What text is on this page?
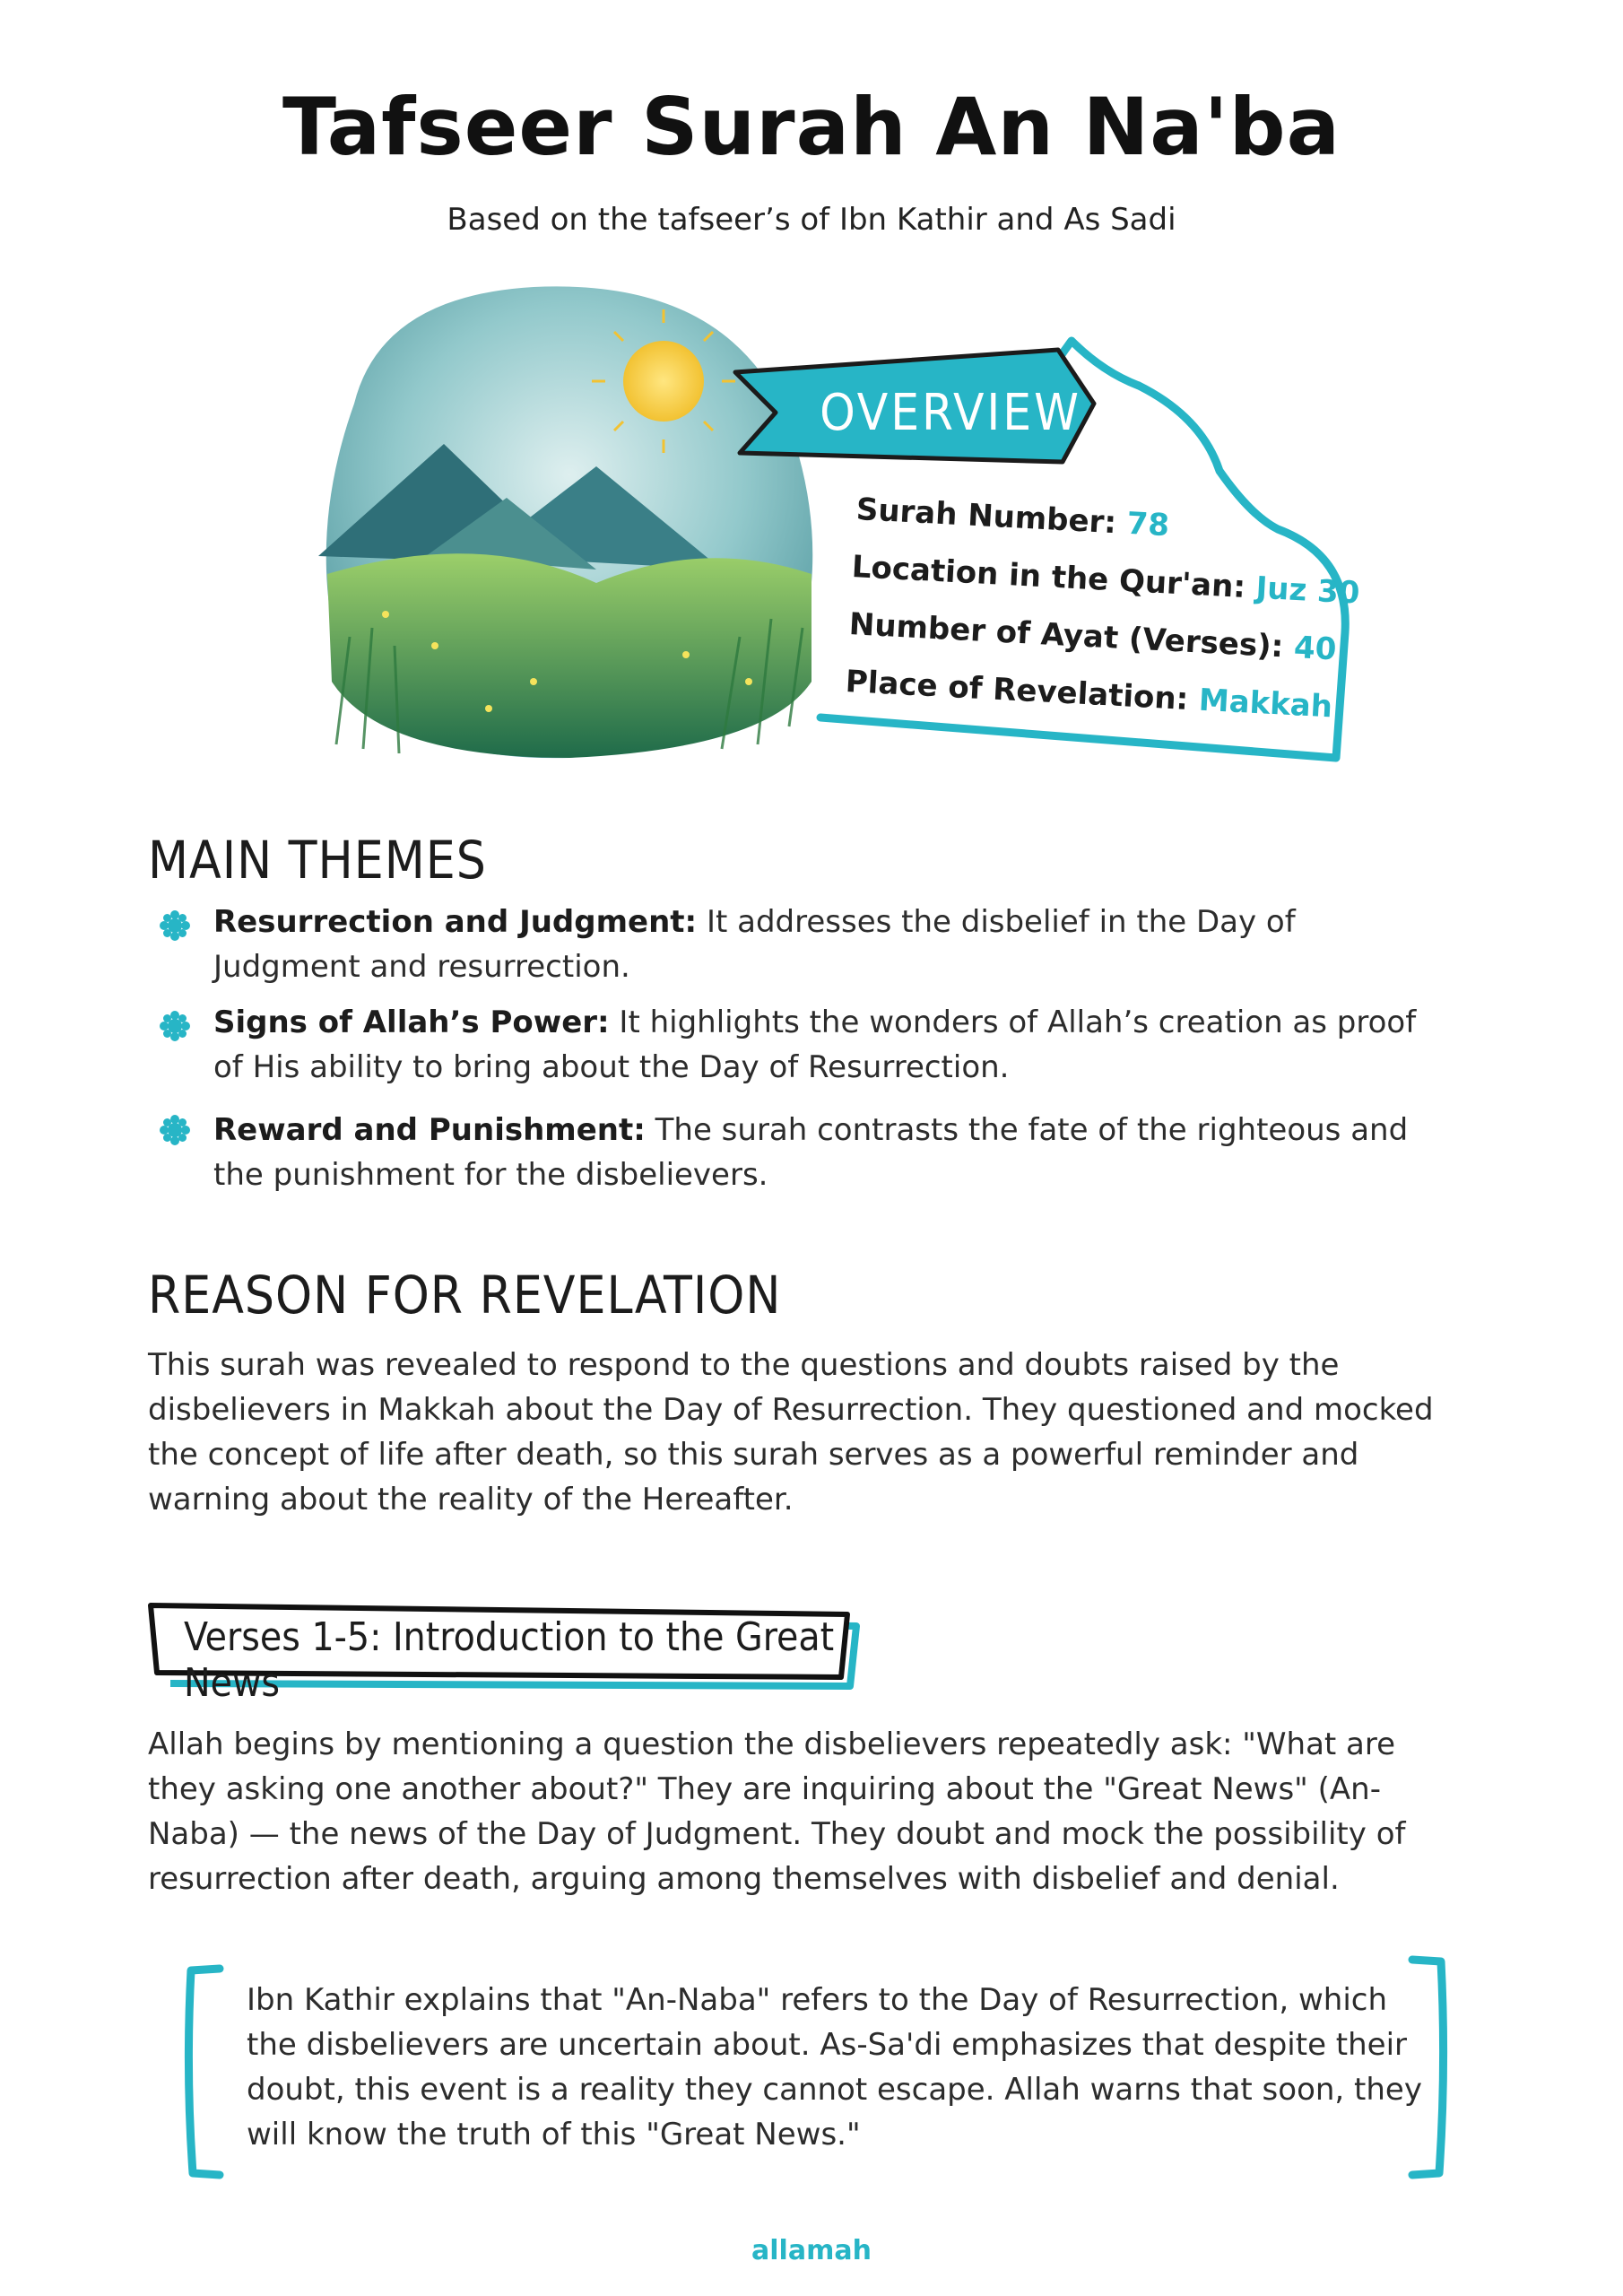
Tafseer Surah An Na'ba
Based on the tafseer’s of Ibn Kathir and As Sadi
OVERVIEW
Surah Number: 78
Location in the Qur'an: Juz 30
Number of Ayat (Verses): 40
Place of Revelation: Makkah
MAIN THEMES
Resurrection and Judgment: It addresses the disbelief in the Day of Judgment and resurrection.
Signs of Allah’s Power: It highlights the wonders of Allah’s creation as proof of His ability to bring about the Day of Resurrection.
Reward and Punishment: The surah contrasts the fate of the righteous and the punishment for the disbelievers.
REASON FOR REVELATION
This surah was revealed to respond to the questions and doubts raised by the disbelievers in Makkah about the Day of Resurrection. They questioned and mocked the concept of life after death, so this surah serves as a powerful reminder and warning about the reality of the Hereafter.
Verses 1-5: Introduction to the Great News
Allah begins by mentioning a question the disbelievers repeatedly ask: "What are they asking one another about?" They are inquiring about the "Great News" (An-Naba) — the news of the Day of Judgment. They doubt and mock the possibility of resurrection after death, arguing among themselves with disbelief and denial.
Ibn Kathir explains that "An-Naba" refers to the Day of Resurrection, which the disbelievers are uncertain about. As-Sa'di emphasizes that despite their doubt, this event is a reality they cannot escape. Allah warns that soon, they will know the truth of this "Great News."
allamah
